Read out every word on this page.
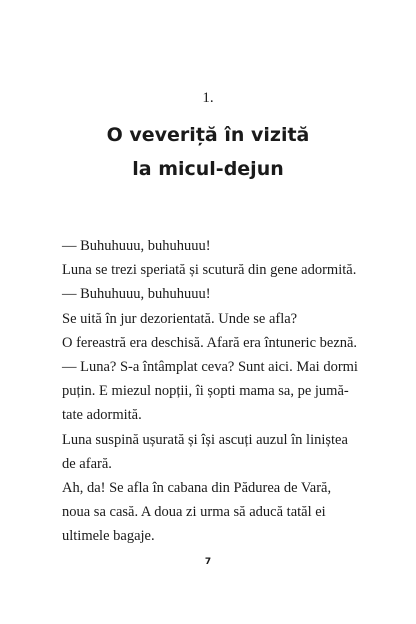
1.
O veveriță în vizită
la micul-dejun
— Buhuhuuu, buhuhuuu!
Luna se trezi speriată și scutură din gene adormită.
— Buhuhuuu, buhuhuuu!
Se uită în jur dezorientată. Unde se afla?
O fereastră era deschisă. Afară era întuneric beznă.
— Luna? S-a întâmplat ceva? Sunt aici. Mai dormi
puțin. E miezul nopții, îi șopti mama sa, pe jumă-
tate adormită.
Luna suspină ușurată și își ascuți auzul în liniștea
de afară.
Ah, da! Se afla în cabana din Pădurea de Vară,
noua sa casă. A doua zi urma să aducă tatăl ei
ultimele bagaje.
7
